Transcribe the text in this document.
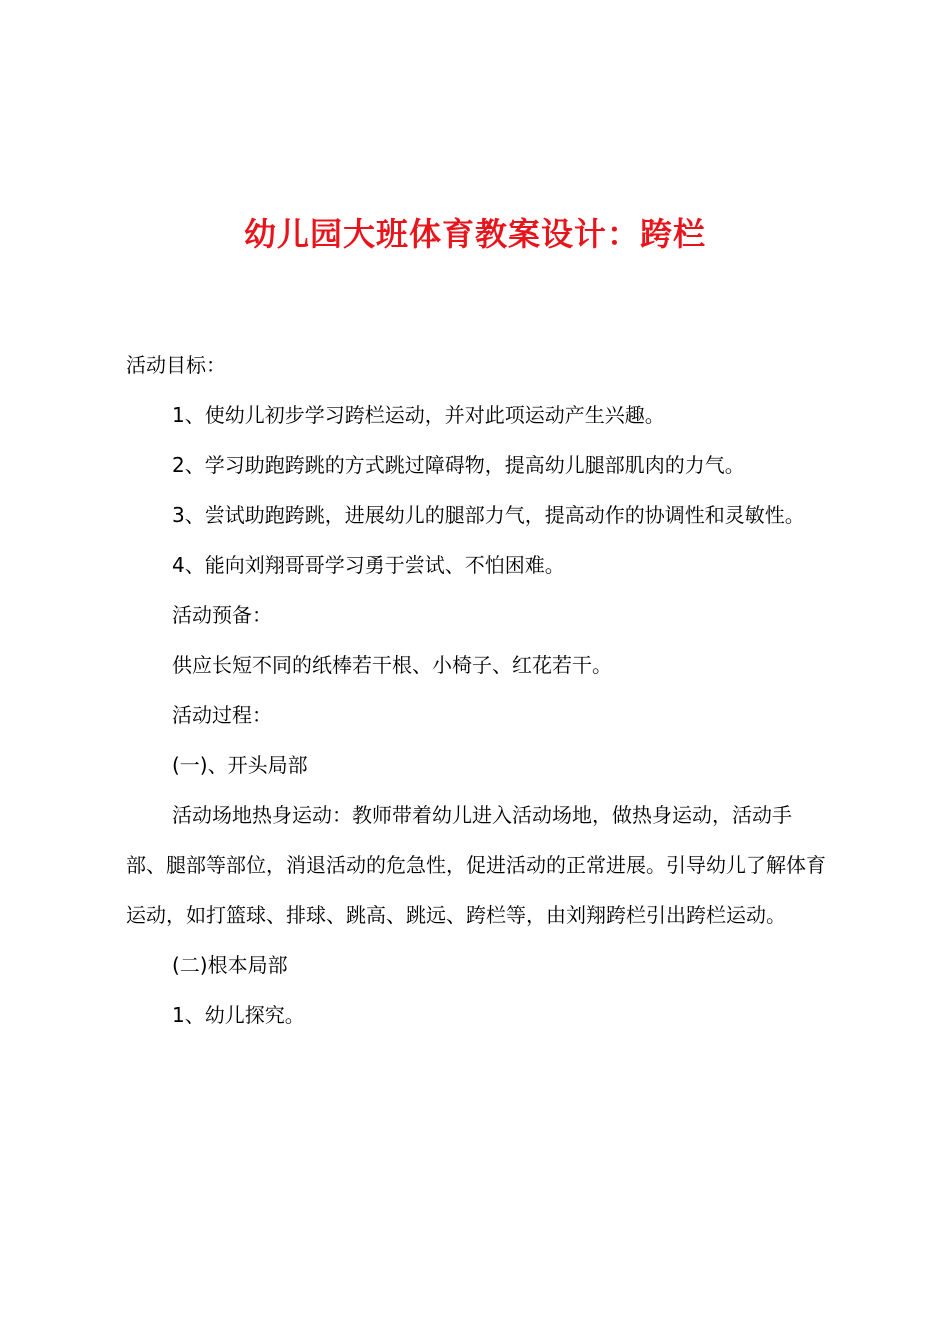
幼儿园大班体育教案设计：跨栏

活动目标：

1、使幼儿初步学习跨栏运动，并对此项运动产生兴趣。

2、学习助跑跨跳的方式跳过障碍物，提高幼儿腿部肌肉的力气。

3、尝试助跑跨跳，进展幼儿的腿部力气，提高动作的协调性和灵敏性。

4、能向刘翔哥哥学习勇于尝试、不怕困难。

活动预备：

供应长短不同的纸棒若干根、小椅子、红花若干。

活动过程：

(一)、开头局部

活动场地热身运动：教师带着幼儿进入活动场地，做热身运动，活动手部、腿部等部位，消退活动的危急性，促进活动的正常进展。引导幼儿了解体育运动，如打篮球、排球、跳高、跳远、跨栏等，由刘翔跨栏引出跨栏运动。

(二)根本局部

1、幼儿探究。
